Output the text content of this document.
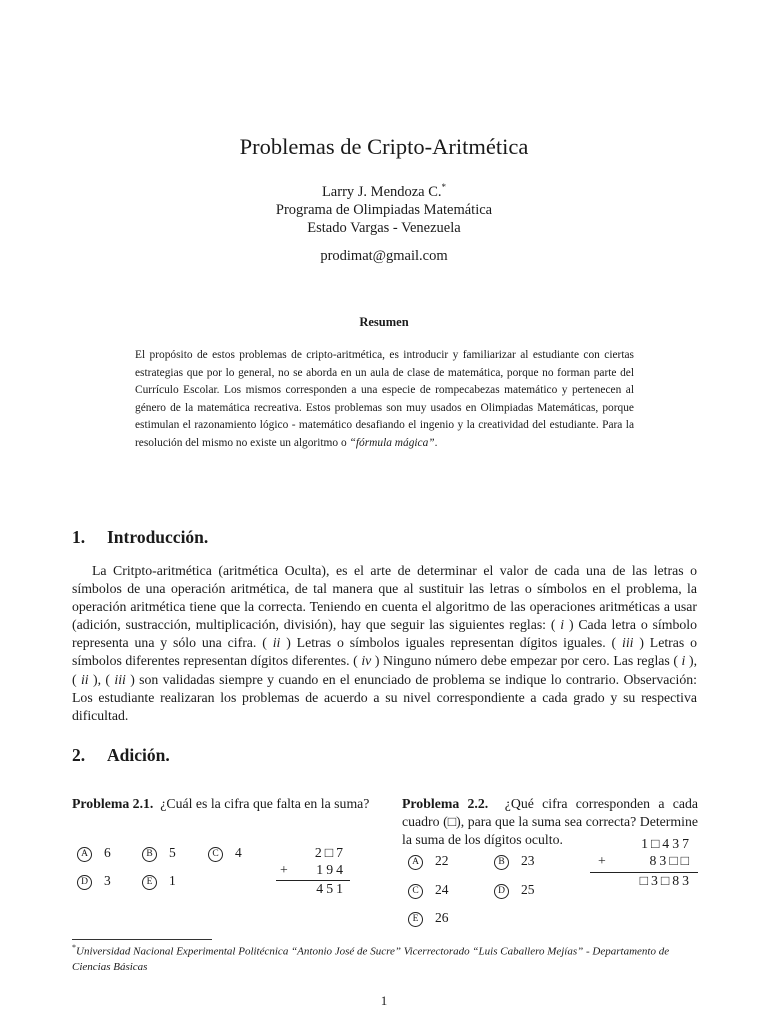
Problemas de Cripto-Aritmética
Larry J. Mendoza C.*
Programa de Olimpiadas Matemática
Estado Vargas - Venezuela
prodimat@gmail.com
Resumen
El propósito de estos problemas de cripto-aritmética, es introducir y familiarizar al estudiante con ciertas estrategias que por lo general, no se aborda en un aula de clase de matemática, porque no forman parte del Currículo Escolar. Los mismos corresponden a una especie de rompecabezas matemático y pertenecen al género de la matemática recreativa. Estos problemas son muy usados en Olimpiadas Matemáticas, porque estimulan el razonamiento lógico - matemático desafiando el ingenio y la creatividad del estudiante. Para la resolución del mismo no existe un algoritmo o “fórmula mágica”.
1. Introducción.
La Critpto-aritmética (aritmética Oculta), es el arte de determinar el valor de cada una de las letras o símbolos de una operación aritmética, de tal manera que al sustituir las letras o símbolos en el problema, la operación aritmética tiene que la correcta. Teniendo en cuenta el algoritmo de las operaciones aritméticas a usar (adición, sustracción, multiplicación, división), hay que seguir las siguientes reglas: ( i ) Cada letra o símbolo representa una y sólo una cifra. ( ii ) Letras o símbolos iguales representan dígitos iguales. ( iii ) Letras o símbolos diferentes representan dígitos diferentes. ( iv ) Ninguno número debe empezar por cero. Las reglas ( i ), ( ii ), ( iii ) son validadas siempre y cuando en el enunciado de problema se indique lo contrario. Observación: Los estudiante realizaran los problemas de acuerdo a su nivel correspondiente a cada grado y su respectiva dificultad.
2. Adición.
Problema 2.1. ¿Cuál es la cifra que falta en la suma?
A 6	B 5	C 4
D 3	E 1
2□7
+	194
451
Problema 2.2. ¿Qué cifra corresponden a cada cuadro (□), para que la suma sea correcta? Determine la suma de los dígitos oculto.
A 22	B 23
C 24	D 25
E 26
1□437
+	83□□
□3□83
*Universidad Nacional Experimental Politécnica “Antonio José de Sucre” Vicerrectorado “Luis Caballero Mejías” - Departamento de Ciencias Básicas
1
